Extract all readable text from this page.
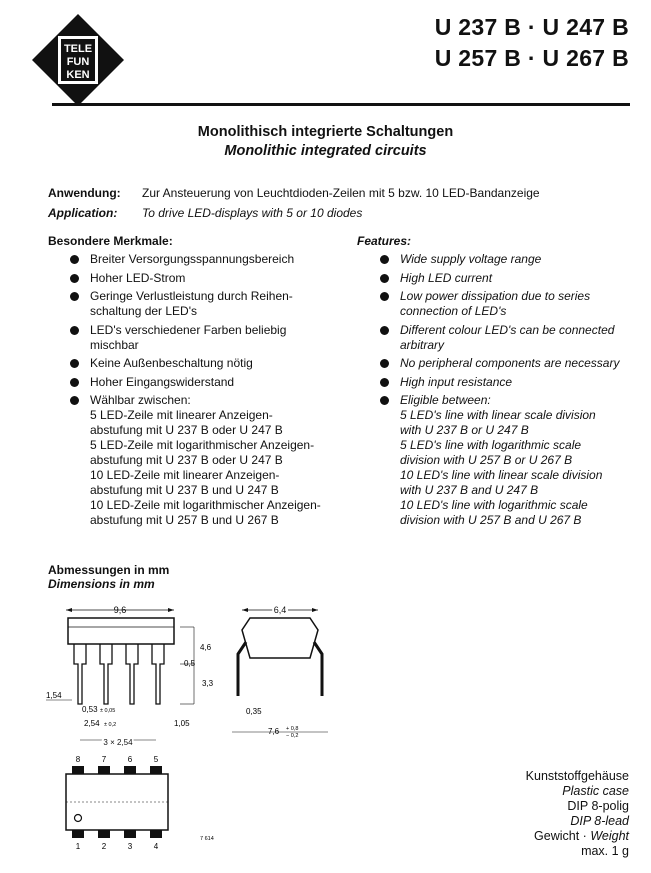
TELE
FUN
KEN
U 237 B · U 247 B
U 257 B · U 267 B
Monolithisch integrierte Schaltungen
Monolithic integrated circuits
Anwendung: Zur Ansteuerung von Leuchtdioden-Zeilen mit 5 bzw. 10 LED-Bandanzeige
Application: To drive LED-displays with 5 or 10 diodes
Besondere Merkmale:
Breiter Versorgungsspannungsbereich
Hoher LED-Strom
Geringe Verlustleistung durch Reihen-
schaltung der LED's
LED's verschiedener Farben beliebig
mischbar
Keine Außenbeschaltung nötig
Hoher Eingangswiderstand
Wählbar zwischen:
5 LED-Zeile mit linearer Anzeigen-
abstufung mit U 237 B oder U 247 B
5 LED-Zeile mit logarithmischer Anzeigen-
abstufung mit U 237 B oder U 247 B
10 LED-Zeile mit linearer Anzeigen-
abstufung mit U 237 B und U 247 B
10 LED-Zeile mit logarithmischer Anzeigen-
abstufung mit U 257 B und U 267 B
Features:
Wide supply voltage range
High LED current
Low power dissipation due to series
connection of LED's
Different colour LED's can be connected
arbitrary
No peripheral components are necessary
High input resistance
Eligible between:
5 LED's line with linear scale division
with U 237 B or U 247 B
5 LED's line with logarithmic scale
division with U 257 B or U 267 B
10 LED's line with linear scale division
with U 237 B and U 247 B
10 LED's line with logarithmic scale
division with U 257 B and U 267 B
Abmessungen in mm
Dimensions in mm
9,6
4,6
0,5
3,3
1,54
0,53 ± 0,05
2,54 ± 0,2	1,05
3 × 2,54
6,4
0,35
7,6 + 0,8
− 0,2
8	7	6	5
1	2	3	4
7 614
Kunststoffgehäuse
Plastic case
DIP 8-polig
DIP 8-lead
Gewicht · Weight
max. 1 g
